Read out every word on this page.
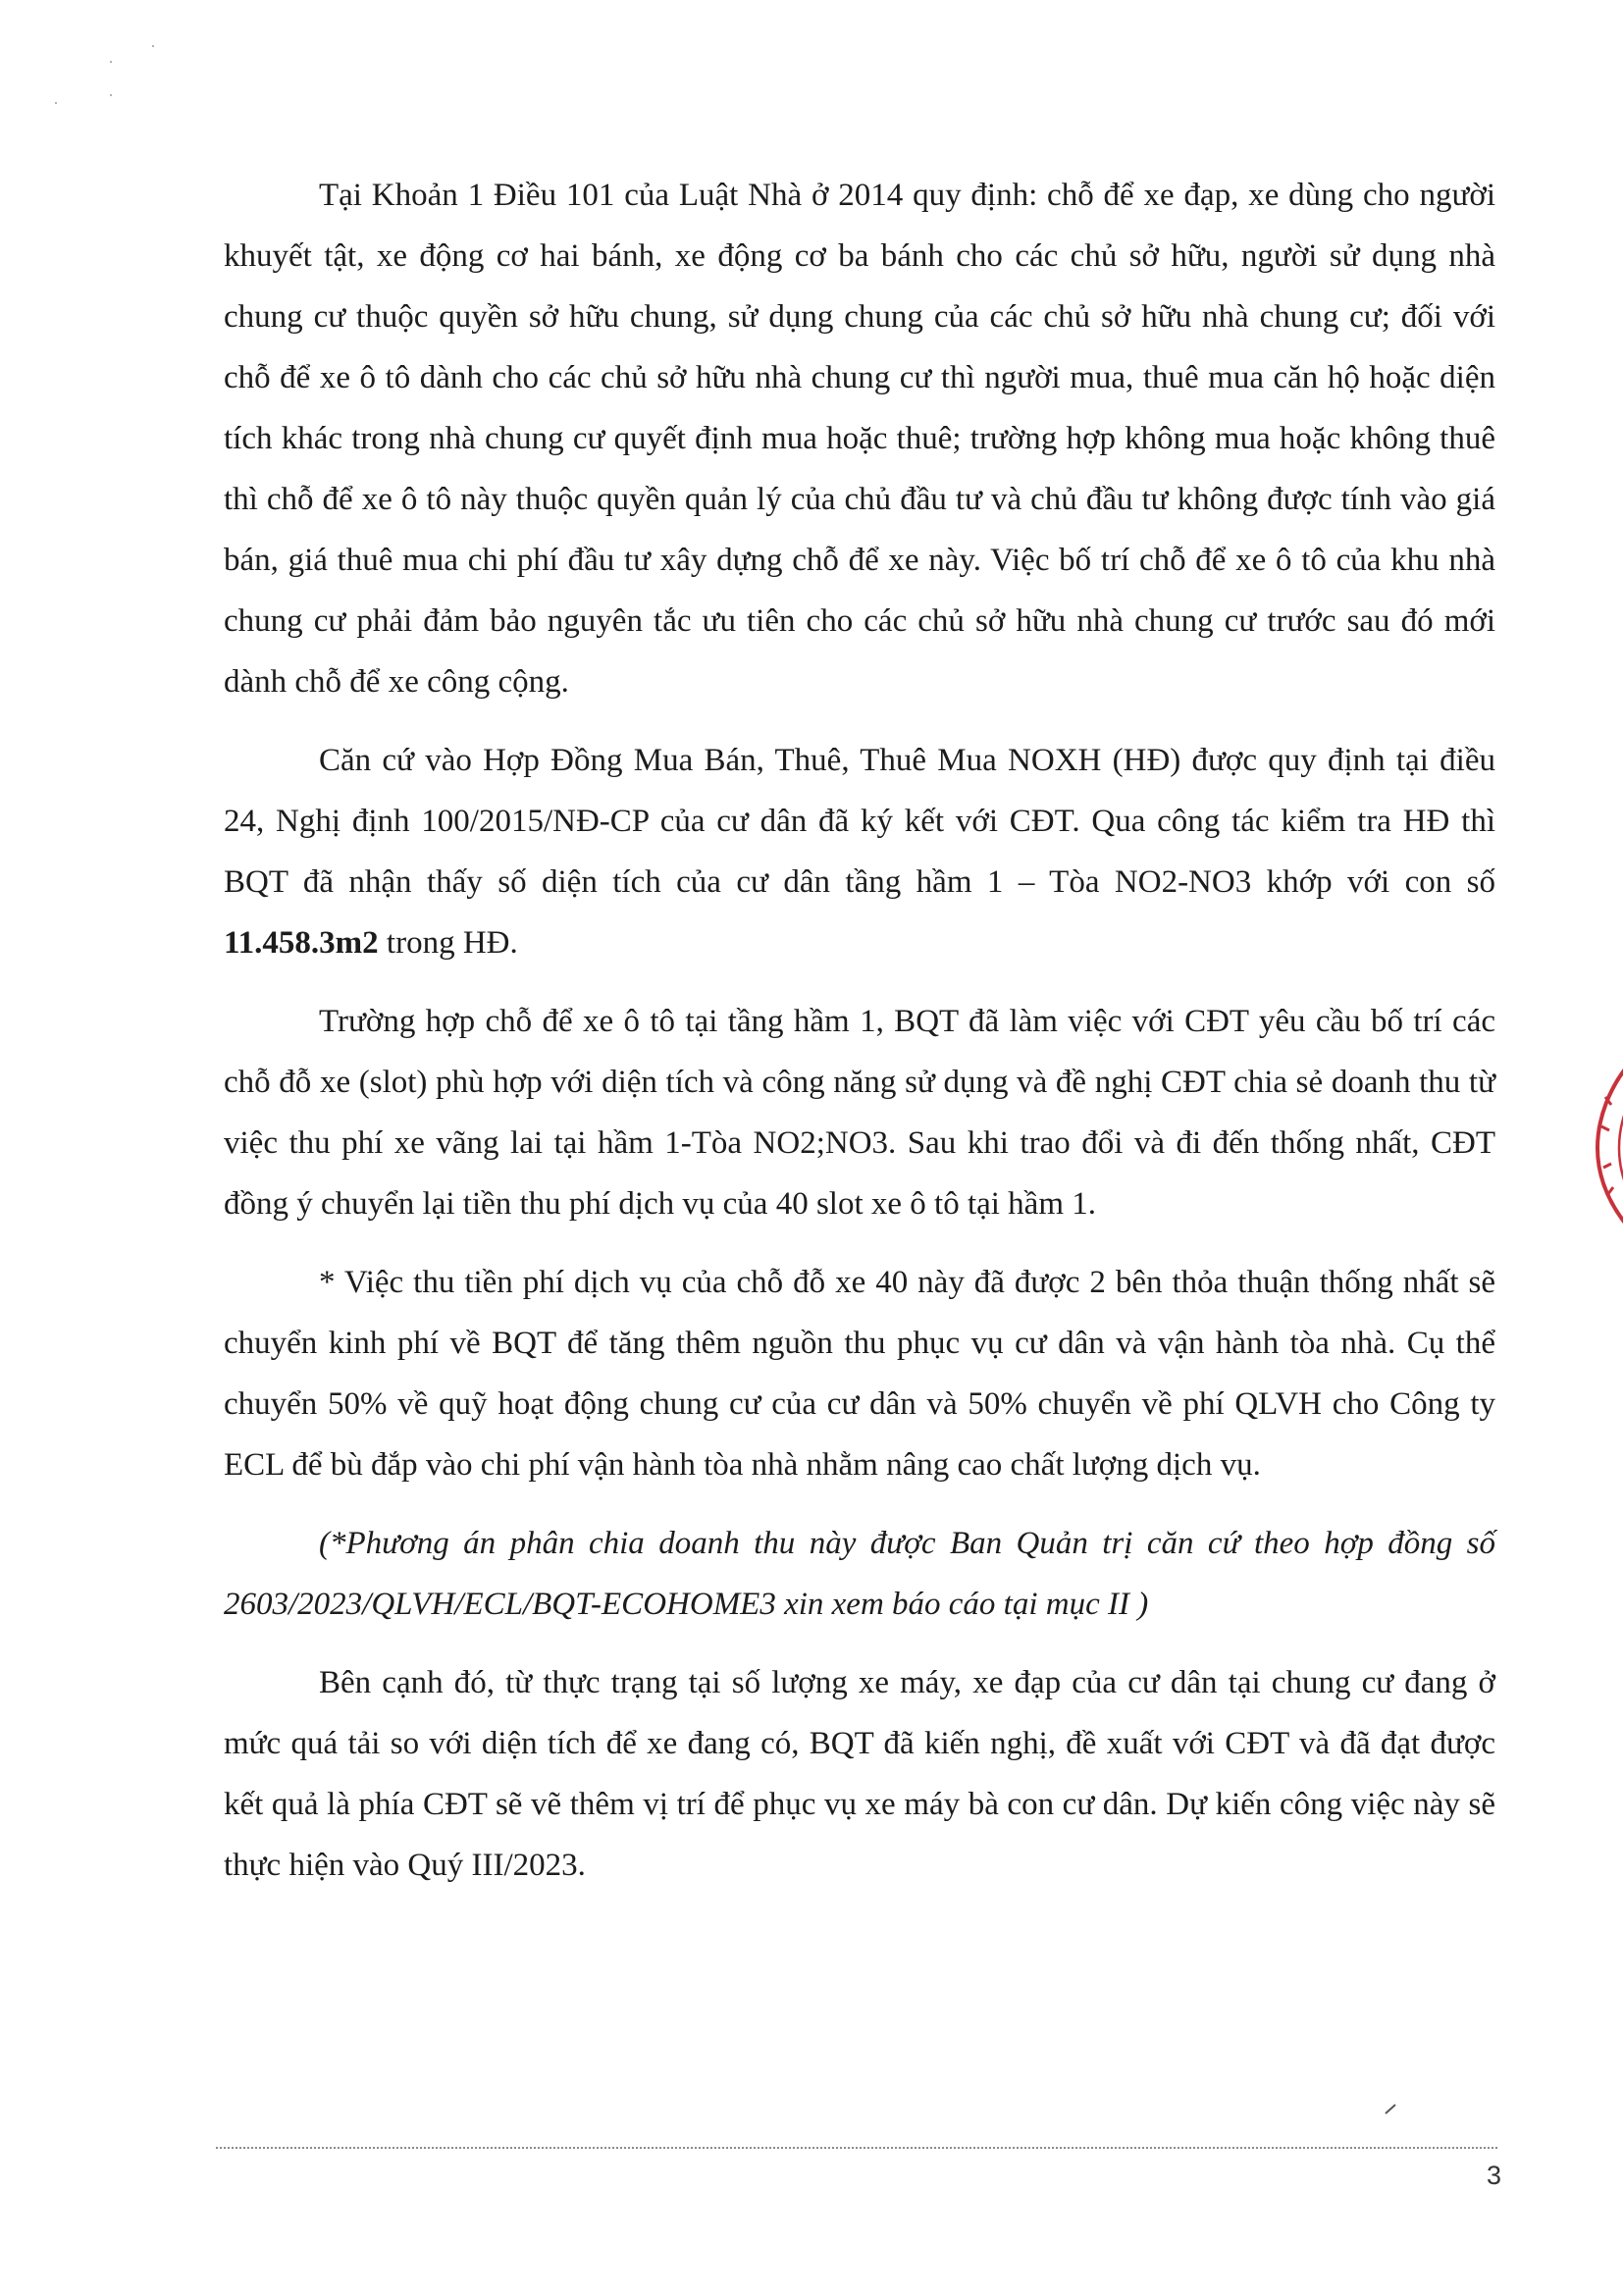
Tại Khoản 1 Điều 101 của Luật Nhà ở 2014 quy định: chỗ để xe đạp, xe dùng cho người khuyết tật, xe động cơ hai bánh, xe động cơ ba bánh cho các chủ sở hữu, người sử dụng nhà chung cư thuộc quyền sở hữu chung, sử dụng chung của các chủ sở hữu nhà chung cư; đối với chỗ để xe ô tô dành cho các chủ sở hữu nhà chung cư thì người mua, thuê mua căn hộ hoặc diện tích khác trong nhà chung cư quyết định mua hoặc thuê; trường hợp không mua hoặc không thuê thì chỗ để xe ô tô này thuộc quyền quản lý của chủ đầu tư và chủ đầu tư không được tính vào giá bán, giá thuê mua chi phí đầu tư xây dựng chỗ để xe này. Việc bố trí chỗ để xe ô tô của khu nhà chung cư phải đảm bảo nguyên tắc ưu tiên cho các chủ sở hữu nhà chung cư trước sau đó mới dành chỗ để xe công cộng.

Căn cứ vào Hợp Đồng Mua Bán, Thuê, Thuê Mua NOXH (HĐ) được quy định tại điều 24, Nghị định 100/2015/NĐ-CP của cư dân đã ký kết với CĐT. Qua công tác kiểm tra HĐ thì BQT đã nhận thấy số diện tích của cư dân tầng hầm 1 – Tòa NO2-NO3 khớp với con số 11.458.3m2 trong HĐ.

Trường hợp chỗ để xe ô tô tại tầng hầm 1, BQT đã làm việc với CĐT yêu cầu bố trí các chỗ đỗ xe (slot) phù hợp với diện tích và công năng sử dụng và đề nghị CĐT chia sẻ doanh thu từ việc thu phí xe vãng lai tại hầm 1-Tòa NO2;NO3. Sau khi trao đổi và đi đến thống nhất, CĐT đồng ý chuyển lại tiền thu phí dịch vụ của 40 slot xe ô tô tại hầm 1.

* Việc thu tiền phí dịch vụ của chỗ đỗ xe 40 này đã được 2 bên thỏa thuận thống nhất sẽ chuyển kinh phí về BQT để tăng thêm nguồn thu phục vụ cư dân và vận hành tòa nhà. Cụ thể chuyển 50% về quỹ hoạt động chung cư của cư dân và 50% chuyển về phí QLVH cho Công ty ECL để bù đắp vào chi phí vận hành tòa nhà nhằm nâng cao chất lượng dịch vụ.

(*Phương án phân chia doanh thu này được Ban Quản trị căn cứ theo hợp đồng số 2603/2023/QLVH/ECL/BQT-ECOHOME3 xin xem báo cáo tại mục II )

Bên cạnh đó, từ thực trạng tại số lượng xe máy, xe đạp của cư dân tại chung cư đang ở mức quá tải so với diện tích để xe đang có, BQT đã kiến nghị, đề xuất với CĐT và đã đạt được kết quả là phía CĐT sẽ vẽ thêm vị trí để phục vụ xe máy bà con cư dân. Dự kiến công việc này sẽ thực hiện vào Quý III/2023.

3
